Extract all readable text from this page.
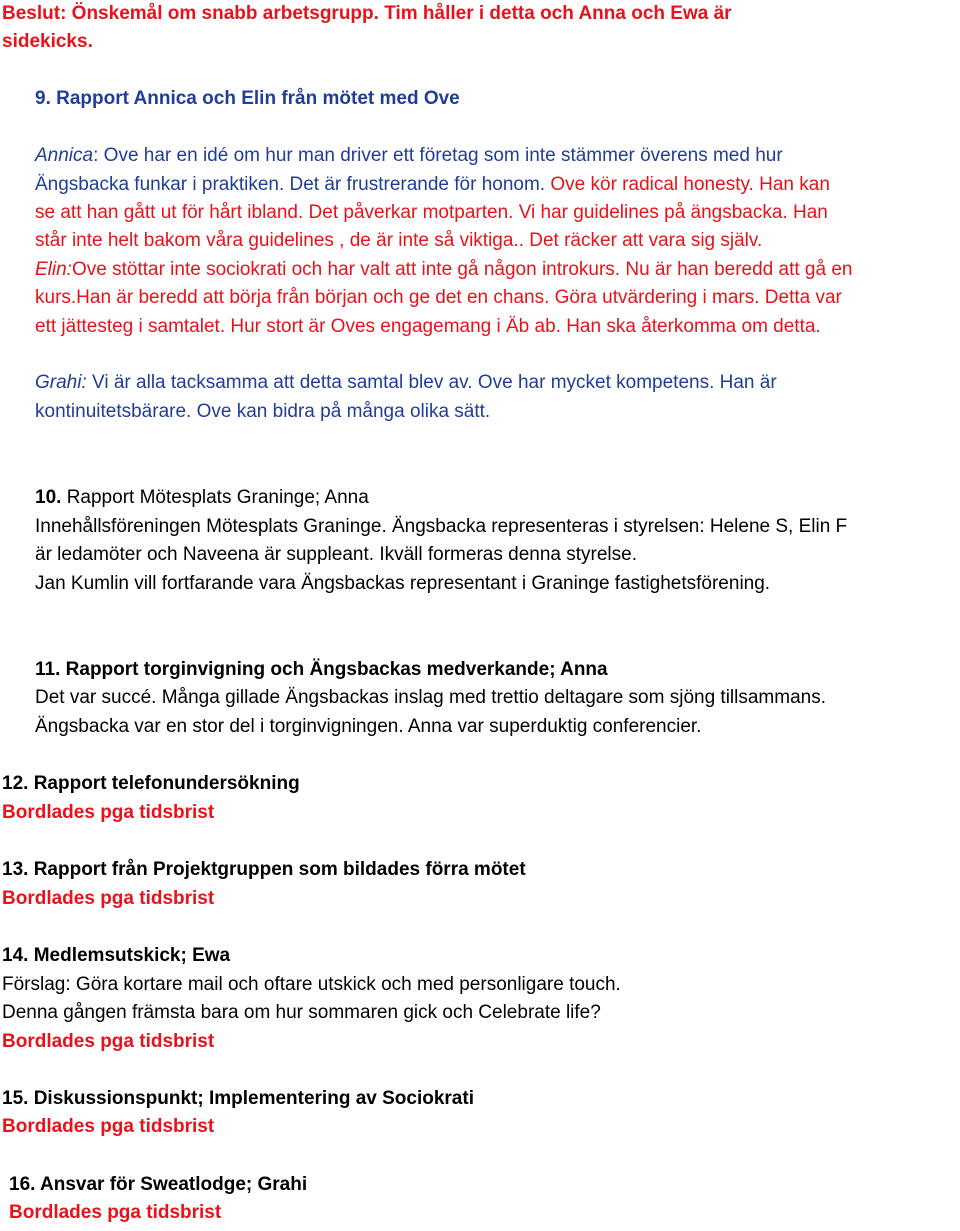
Beslut: Önskemål om snabb arbetsgrupp. Tim håller i detta och Anna och Ewa är
sidekicks.
9. Rapport Annica och Elin från mötet med Ove
Annica: Ove har en idé om hur man driver ett företag som inte stämmer överens med hur
Ängsbacka funkar i praktiken. Det är frustrerande för honom. Ove kör radical honesty. Han kan
se att han gått ut för hårt ibland. Det påverkar motparten. Vi har guidelines på ängsbacka. Han
står inte helt bakom våra guidelines , de är inte så viktiga.. Det räcker att vara sig själv.
Elin:Ove stöttar inte sociokrati och har valt att inte gå någon introkurs. Nu är han beredd att gå en
kurs.Han är beredd att börja från början och ge det en chans. Göra utvärdering i mars. Detta var
ett jättesteg i samtalet. Hur stort är Oves engagemang i Äb ab. Han ska återkomma om detta.
Grahi: Vi är alla tacksamma att detta samtal blev av. Ove har mycket kompetens. Han är
kontinuitetsbärare. Ove kan bidra på många olika sätt.
10. Rapport Mötesplats Graninge; Anna
Innehållsföreningen Mötesplats Graninge. Ängsbacka representeras i styrelsen: Helene S, Elin F
är ledamöter och Naveena är suppleant. Ikväll formeras denna styrelse.
Jan Kumlin vill fortfarande vara Ängsbackas representant i Graninge fastighetsförening.
11. Rapport torginvigning och Ängsbackas medverkande; Anna
Det var succé. Många gillade Ängsbackas inslag med trettio deltagare som sjöng tillsammans.
Ängsbacka var en stor del i torginvigningen. Anna var superduktig conferencier.
12. Rapport telefonundersökning
Bordlades pga tidsbrist
13. Rapport från Projektgruppen som bildades förra mötet
Bordlades pga tidsbrist
14. Medlemsutskick; Ewa
Förslag: Göra kortare mail och oftare utskick och med personligare touch.
Denna gången främsta bara om hur sommaren gick och Celebrate life?
Bordlades pga tidsbrist
15. Diskussionspunkt; Implementering av Sociokrati
Bordlades pga tidsbrist
16. Ansvar för Sweatlodge; Grahi
Bordlades pga tidsbrist
